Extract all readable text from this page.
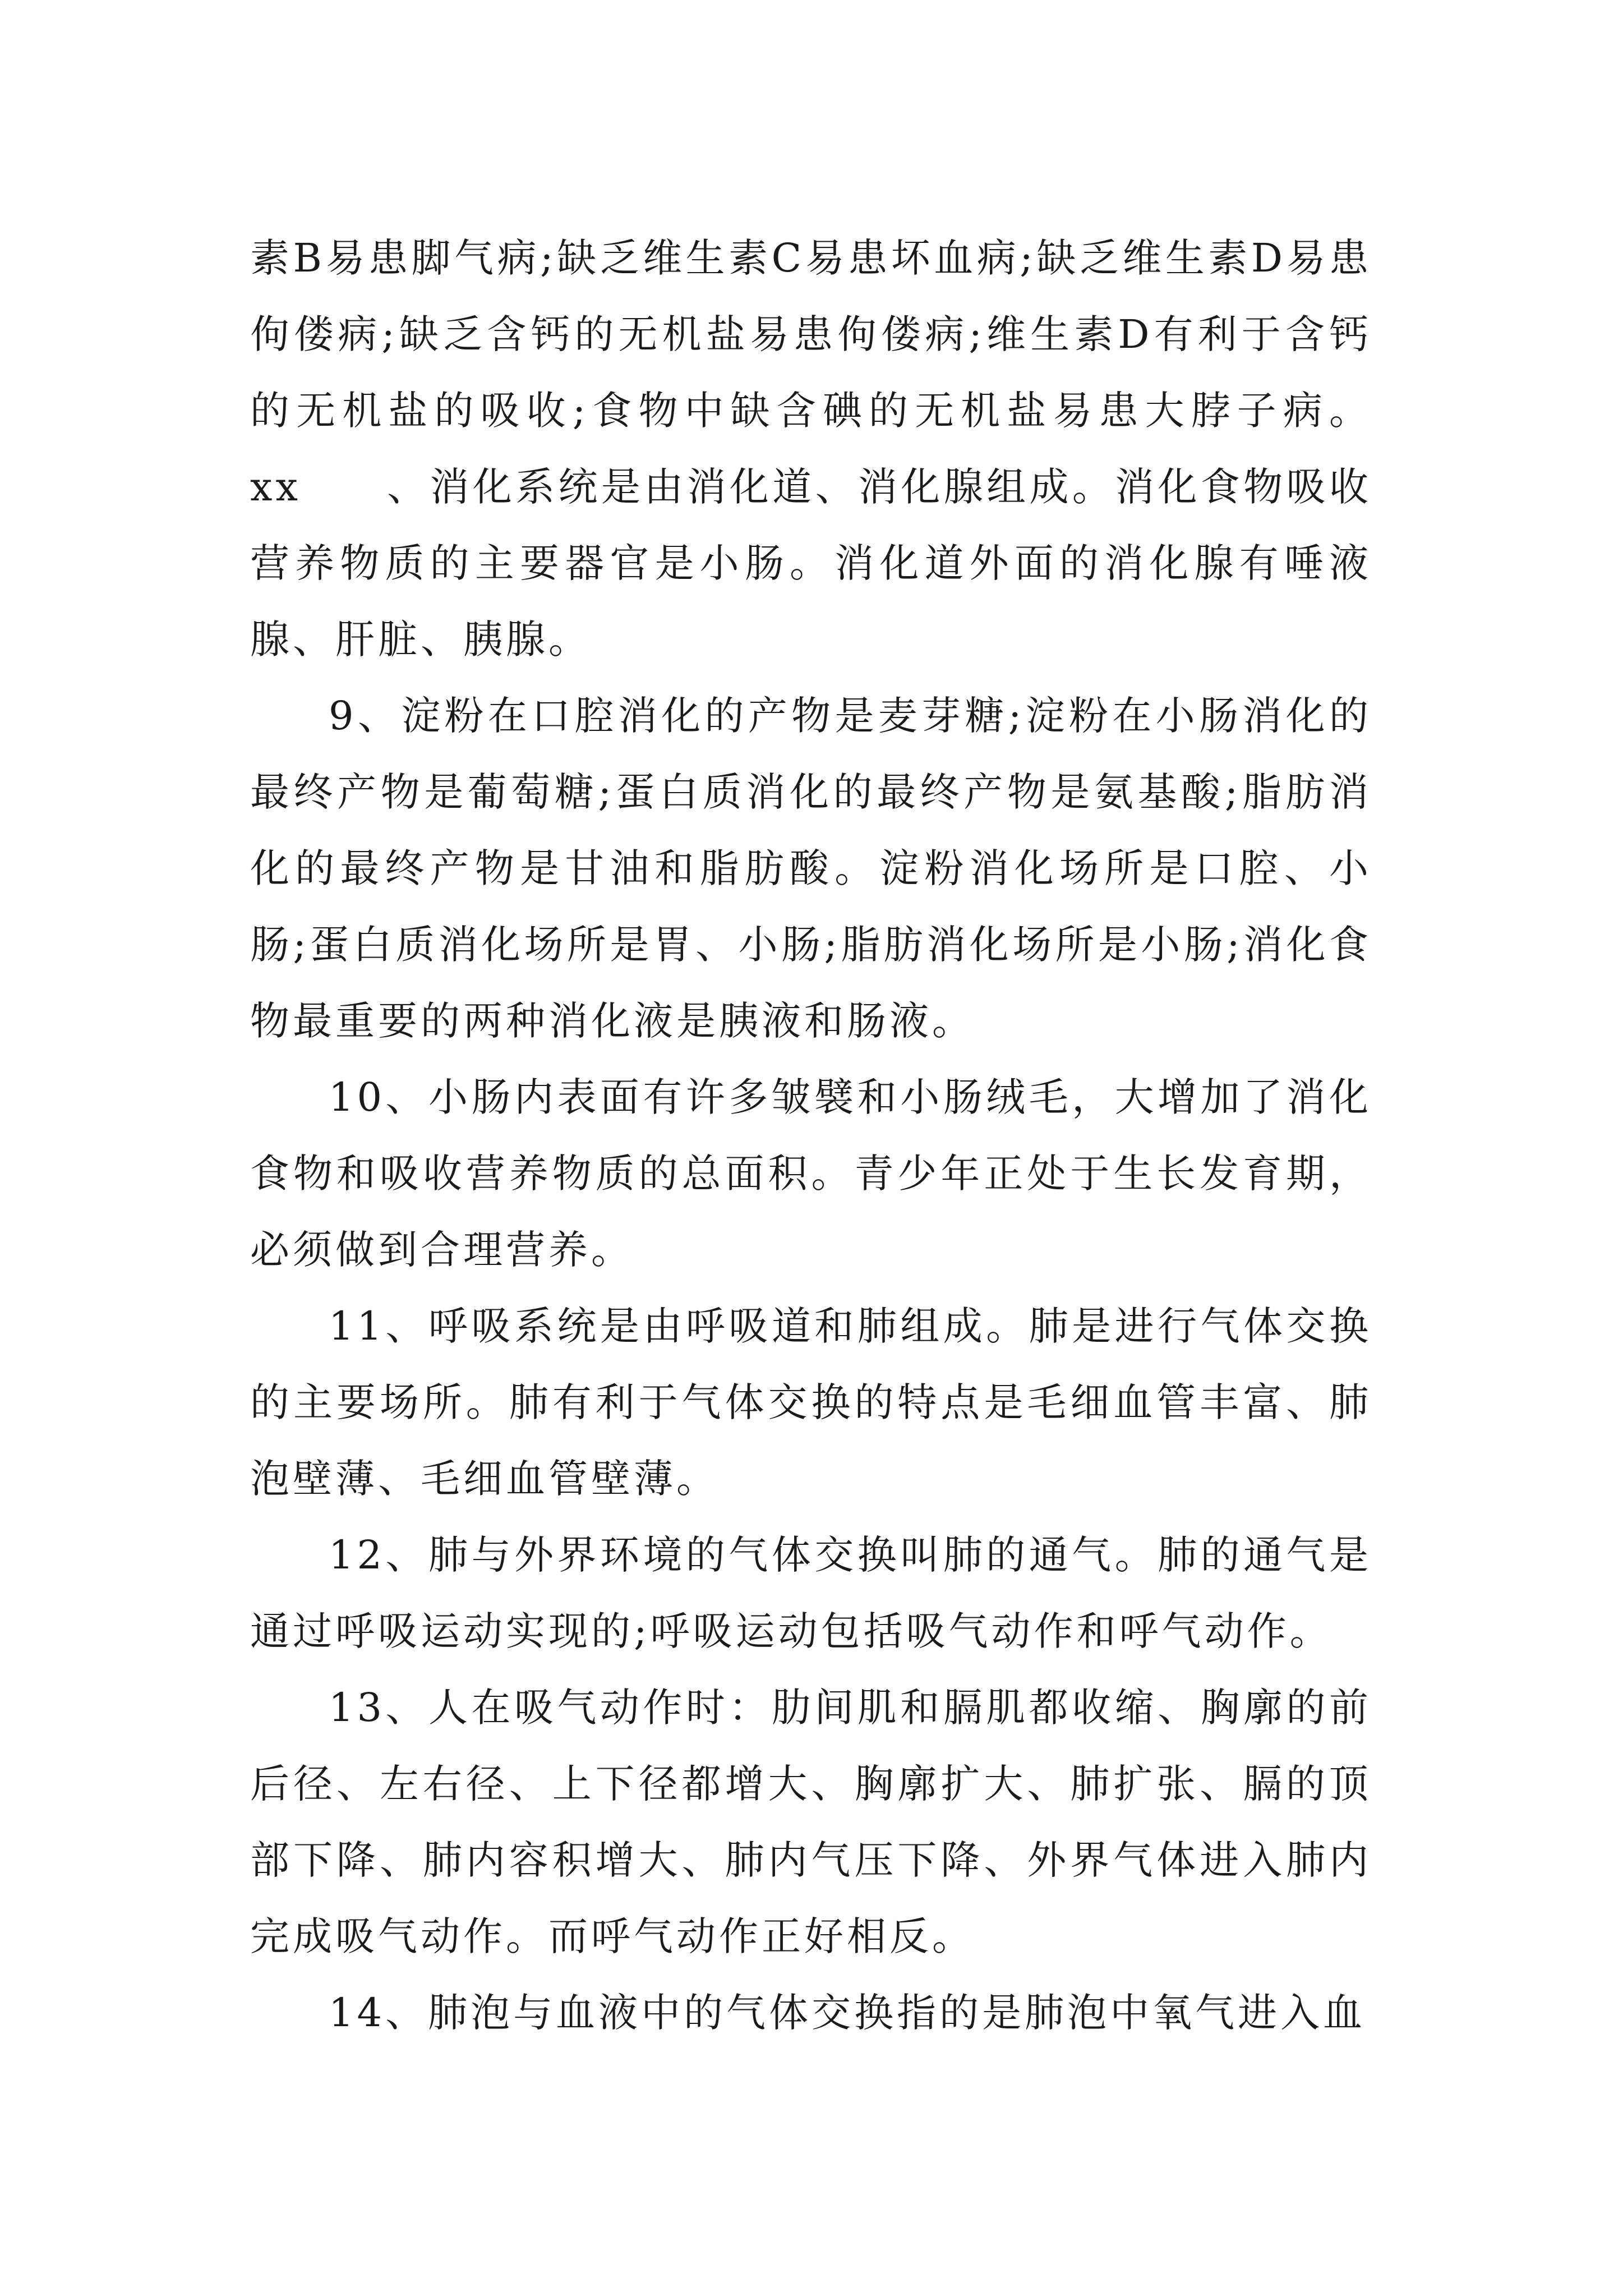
素B易患脚气病;缺乏维生素C易患坏血病;缺乏维生素D易患佝偻病;缺乏含钙的无机盐易患佝偻病;维生素D有利于含钙的无机盐的吸收;食物中缺含碘的无机盐易患大脖子病。xx　　、消化系统是由消化道、消化腺组成。消化食物吸收营养物质的主要器官是小肠。消化道外面的消化腺有唾液腺、肝脏、胰腺。

9、淀粉在口腔消化的产物是麦芽糖;淀粉在小肠消化的最终产物是葡萄糖;蛋白质消化的最终产物是氨基酸;脂肪消化的最终产物是甘油和脂肪酸。淀粉消化场所是口腔、小肠;蛋白质消化场所是胃、小肠;脂肪消化场所是小肠;消化食物最重要的两种消化液是胰液和肠液。

10、小肠内表面有许多皱襞和小肠绒毛，大增加了消化食物和吸收营养物质的总面积。青少年正处于生长发育期，必须做到合理营养。

11、呼吸系统是由呼吸道和肺组成。肺是进行气体交换的主要场所。肺有利于气体交换的特点是毛细血管丰富、肺泡壁薄、毛细血管壁薄。

12、肺与外界环境的气体交换叫肺的通气。肺的通气是通过呼吸运动实现的;呼吸运动包括吸气动作和呼气动作。

13、人在吸气动作时：肋间肌和膈肌都收缩、胸廓的前后径、左右径、上下径都增大、胸廓扩大、肺扩张、膈的顶部下降、肺内容积增大、肺内气压下降、外界气体进入肺内完成吸气动作。而呼气动作正好相反。

14、肺泡与血液中的气体交换指的是肺泡中氧气进入血
